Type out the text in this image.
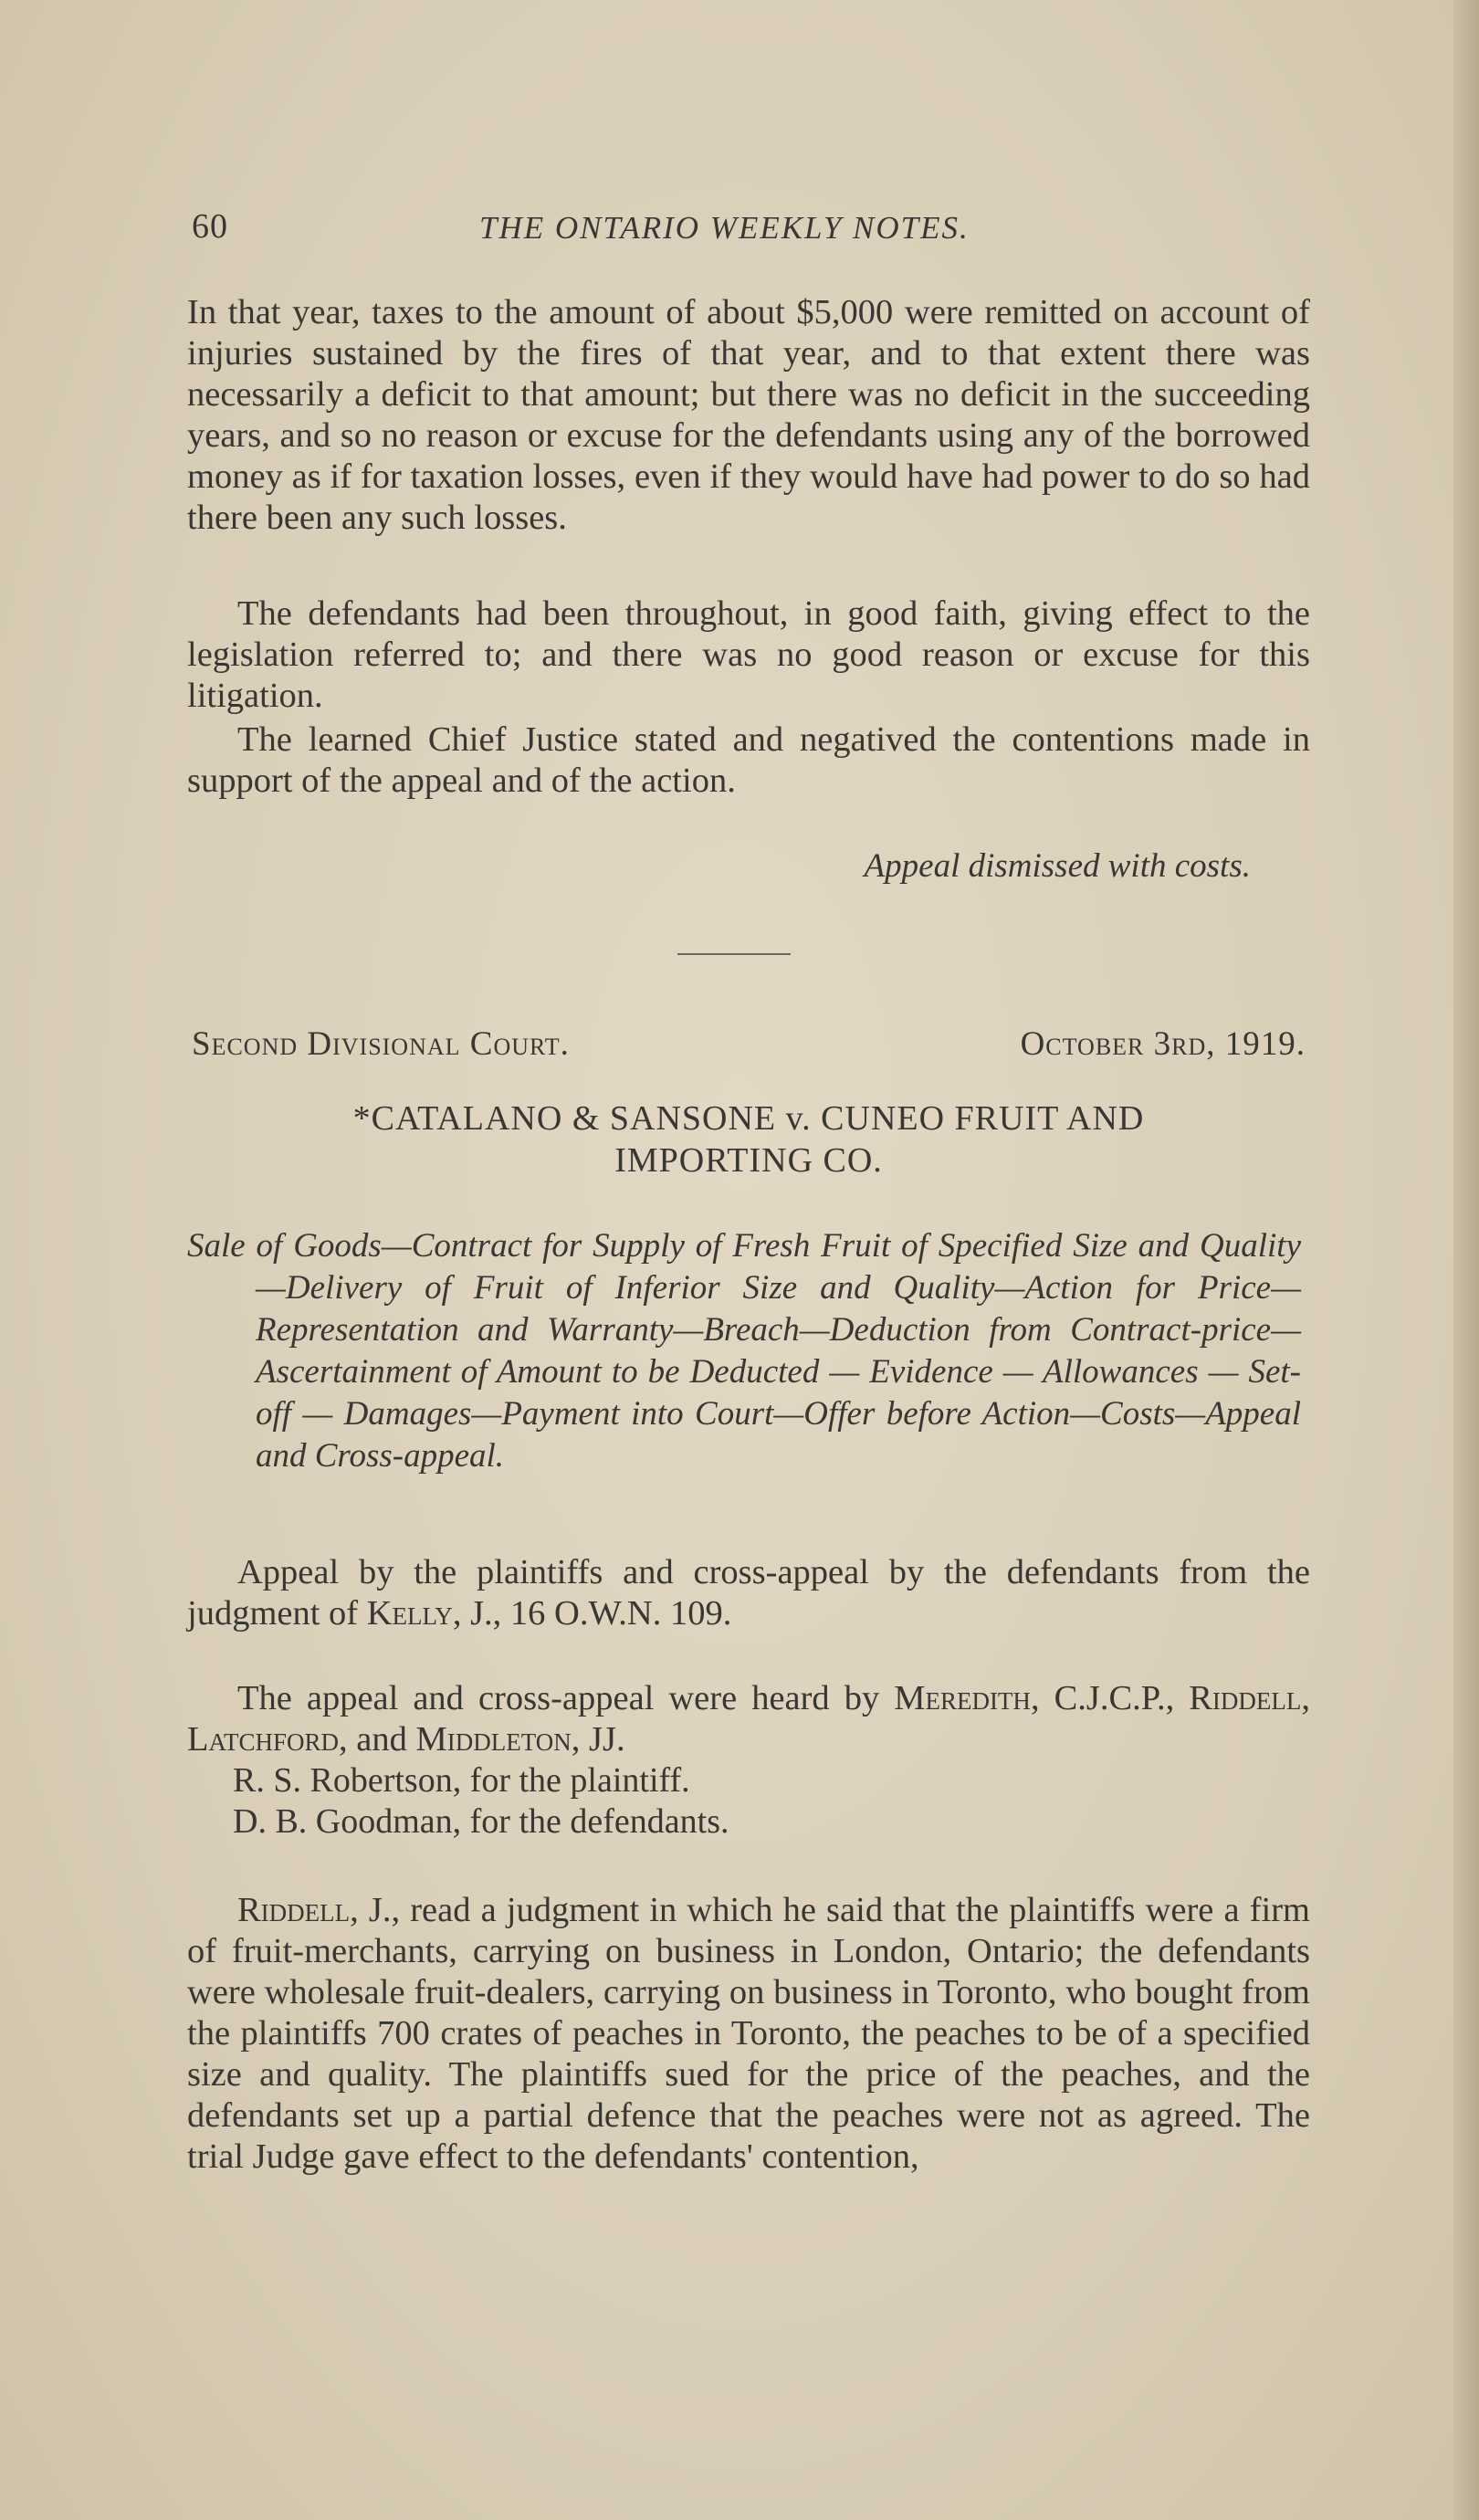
60	THE ONTARIO WEEKLY NOTES.
In that year, taxes to the amount of about $5,000 were remitted on account of injuries sustained by the fires of that year, and to that extent there was necessarily a deficit to that amount; but there was no deficit in the succeeding years, and so no reason or excuse for the defendants using any of the borrowed money as if for taxation losses, even if they would have had power to do so had there been any such losses.
The defendants had been throughout, in good faith, giving effect to the legislation referred to; and there was no good reason or excuse for this litigation.
The learned Chief Justice stated and negatived the contentions made in support of the appeal and of the action.
Appeal dismissed with costs.
Second Divisional Court.	October 3rd, 1919.
*CATALANO & SANSONE v. CUNEO FRUIT AND
IMPORTING CO.
Sale of Goods—Contract for Supply of Fresh Fruit of Specified Size and Quality—Delivery of Fruit of Inferior Size and Quality—Action for Price—Representation and Warranty—Breach—Deduction from Contract-price—Ascertainment of Amount to be Deducted — Evidence — Allowances — Set-off — Damages—Payment into Court—Offer before Action—Costs—Appeal and Cross-appeal.
Appeal by the plaintiffs and cross-appeal by the defendants from the judgment of Kelly, J., 16 O.W.N. 109.
The appeal and cross-appeal were heard by Meredith, C.J.C.P., Riddell, Latchford, and Middleton, JJ.
R. S. Robertson, for the plaintiff.
D. B. Goodman, for the defendants.
Riddell, J., read a judgment in which he said that the plaintiffs were a firm of fruit-merchants, carrying on business in London, Ontario; the defendants were wholesale fruit-dealers, carrying on business in Toronto, who bought from the plaintiffs 700 crates of peaches in Toronto, the peaches to be of a specified size and quality. The plaintiffs sued for the price of the peaches, and the defendants set up a partial defence that the peaches were not as agreed. The trial Judge gave effect to the defendants' contention,
